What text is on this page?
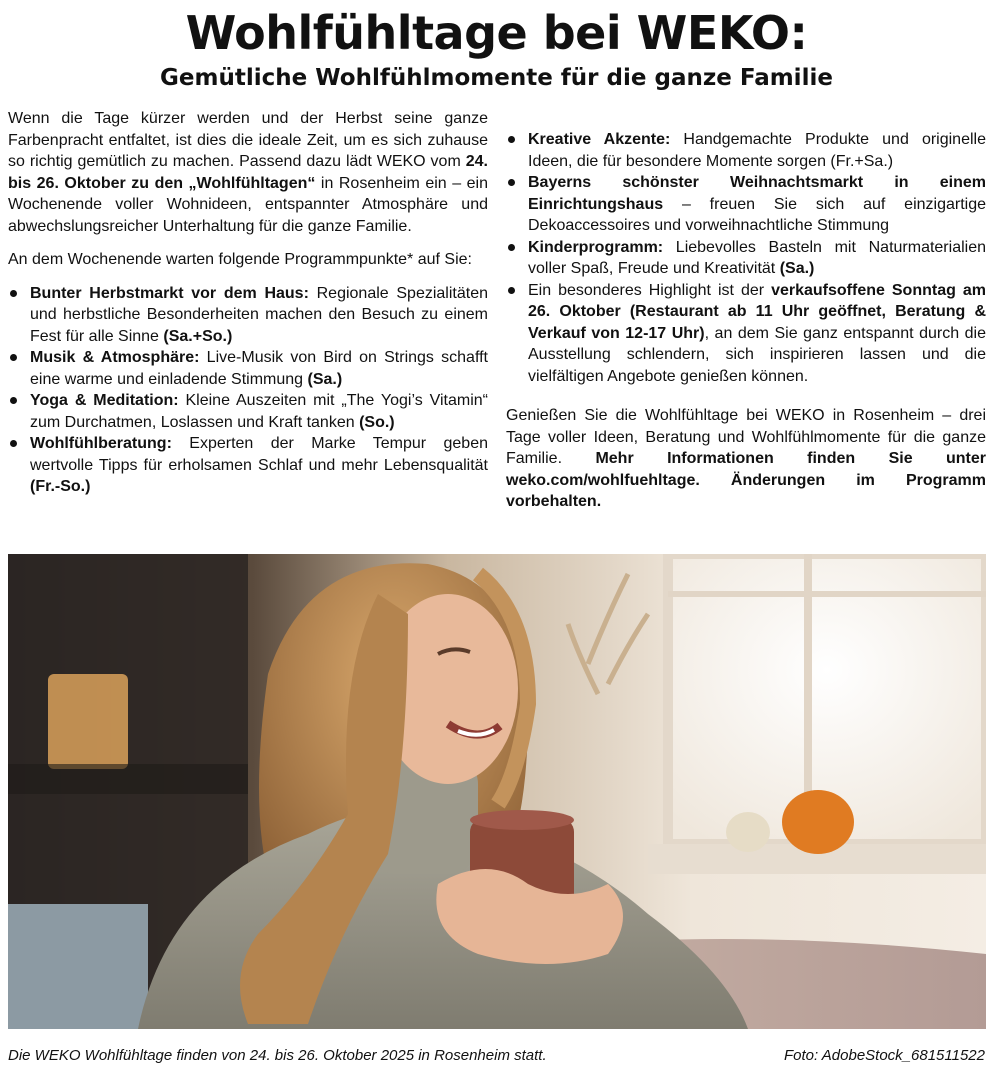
Wohlfühltage bei WEKO:
Gemütliche Wohlfühlmomente für die ganze Familie

Wenn die Tage kürzer werden und der Herbst seine ganze Farbenpracht entfaltet, ist dies die ideale Zeit, um es sich zuhause so richtig gemütlich zu machen. Passend dazu lädt WEKO vom 24. bis 26. Oktober zu den „Wohlfühltagen“ in Rosenheim ein – ein Wochenende voller Wohnideen, entspannter Atmosphäre und abwechslungsreicher Unterhaltung für die ganze Familie.

An dem Wochenende warten folgende Programmpunkte* auf Sie:

Bunter Herbstmarkt vor dem Haus: Regionale Spezialitäten und herbstliche Besonderheiten machen den Besuch zu einem Fest für alle Sinne (Sa.+So.)
Musik & Atmosphäre: Live-Musik von Bird on Strings schafft eine warme und einladende Stimmung (Sa.)
Yoga & Meditation: Kleine Auszeiten mit „The Yogi’s Vitamin“ zum Durchatmen, Loslassen und Kraft tanken (So.)
Wohlfühlberatung: Experten der Marke Tempur geben wertvolle Tipps für erholsamen Schlaf und mehr Lebensqualität (Fr.-So.)
Kreative Akzente: Handgemachte Produkte und originelle Ideen, die für besondere Momente sorgen (Fr.+Sa.)
Bayerns schönster Weihnachtsmarkt in einem Einrichtungshaus – freuen Sie sich auf einzigartige Dekoaccessoires und vorweihnachtliche Stimmung
Kinderprogramm: Liebevolles Basteln mit Naturmaterialien voller Spaß, Freude und Kreativität (Sa.)
Ein besonderes Highlight ist der verkaufsoffene Sonntag am 26. Oktober (Restaurant ab 11 Uhr geöffnet, Beratung & Verkauf von 12-17 Uhr), an dem Sie ganz entspannt durch die Ausstellung schlendern, sich inspirieren lassen und die vielfältigen Angebote genießen können.

Genießen Sie die Wohlfühltage bei WEKO in Rosenheim – drei Tage voller Ideen, Beratung und Wohlfühlmomente für die ganze Familie. Mehr Informationen finden Sie unter weko.com/wohlfuehltage. Änderungen im Programm vorbehalten.

Die WEKO Wohlfühltage finden von 24. bis 26. Oktober 2025 in Rosenheim statt.	Foto: AdobeStock_681511522
